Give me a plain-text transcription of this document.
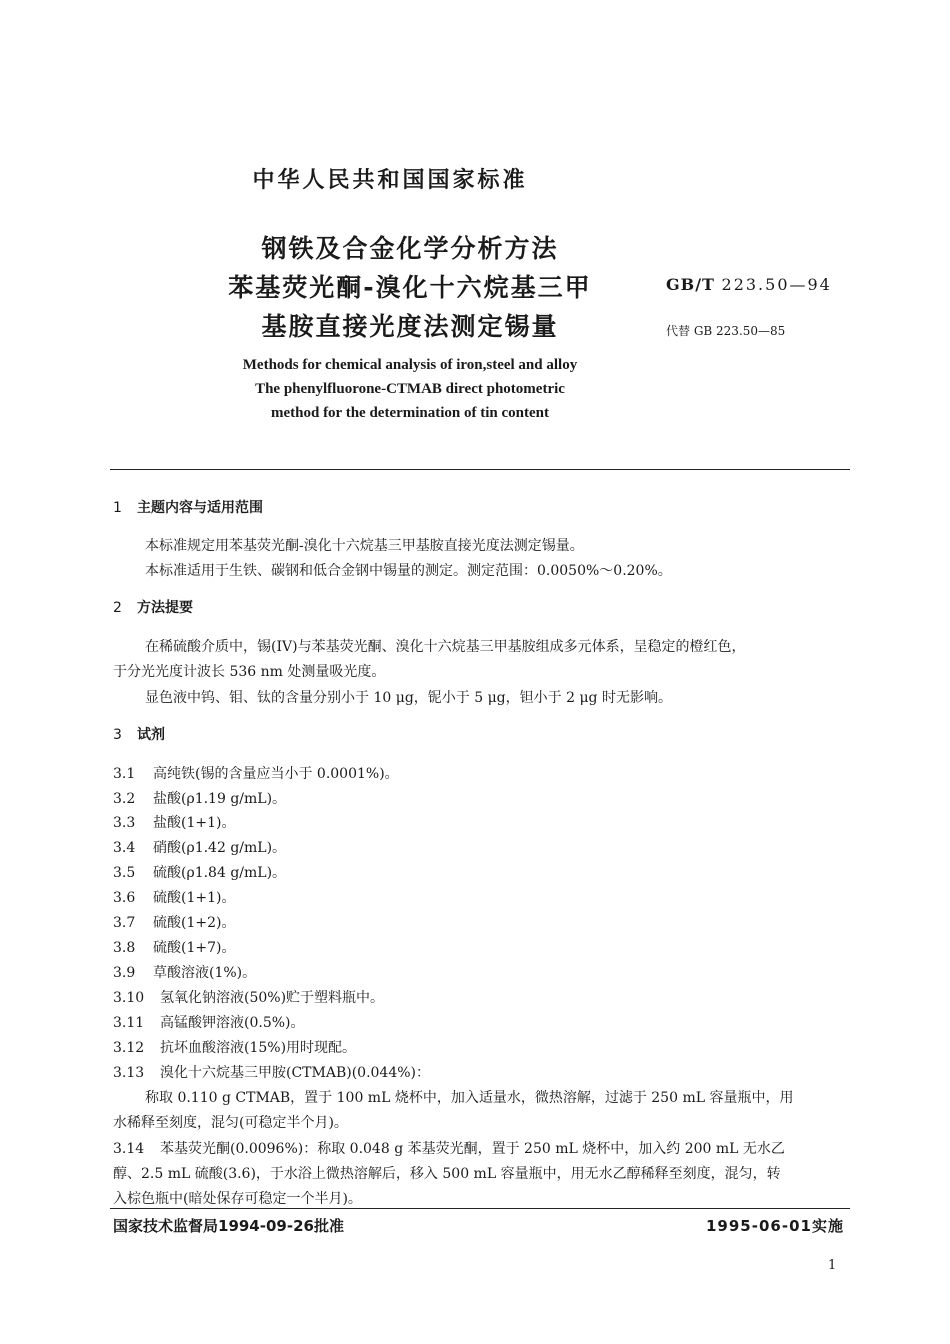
中华人民共和国国家标准
钢铁及合金化学分析方法
苯基荧光酮-溴化十六烷基三甲
基胺直接光度法测定锡量
GB/T 223.50—94
代替 GB 223.50—85
Methods for chemical analysis of iron,steel and alloy
The phenylfluorone-CTMAB direct photometric
method for the determination of tin content
1 主题内容与适用范围
本标准规定用苯基荧光酮-溴化十六烷基三甲基胺直接光度法测定锡量。
本标准适用于生铁、碳钢和低合金钢中锡量的测定。测定范围：0.0050%～0.20%。
2 方法提要
在稀硫酸介质中，锡(IV)与苯基荧光酮、溴化十六烷基三甲基胺组成多元体系，呈稳定的橙红色，
于分光光度计波长 536 nm 处测量吸光度。
显色液中钨、钼、钛的含量分别小于 10 μg，铌小于 5 μg，钽小于 2 μg 时无影响。
3 试剂
3.1 高纯铁(锡的含量应当小于 0.0001%)。
3.2 盐酸(ρ1.19 g/mL)。
3.3 盐酸(1+1)。
3.4 硝酸(ρ1.42 g/mL)。
3.5 硫酸(ρ1.84 g/mL)。
3.6 硫酸(1+1)。
3.7 硫酸(1+2)。
3.8 硫酸(1+7)。
3.9 草酸溶液(1%)。
3.10 氢氧化钠溶液(50%)贮于塑料瓶中。
3.11 高锰酸钾溶液(0.5%)。
3.12 抗坏血酸溶液(15%)用时现配。
3.13 溴化十六烷基三甲胺(CTMAB)(0.044%)：
称取 0.110 g CTMAB，置于 100 mL 烧杯中，加入适量水，微热溶解，过滤于 250 mL 容量瓶中，用
水稀释至刻度，混匀(可稳定半个月)。
3.14 苯基荧光酮(0.0096%)：称取 0.048 g 苯基荧光酮，置于 250 mL 烧杯中，加入约 200 mL 无水乙
醇、2.5 mL 硫酸(3.6)，于水浴上微热溶解后，移入 500 mL 容量瓶中，用无水乙醇稀释至刻度，混匀，转
入棕色瓶中(暗处保存可稳定一个半月)。
国家技术监督局1994-09-26批准	1995-06-01实施
1
